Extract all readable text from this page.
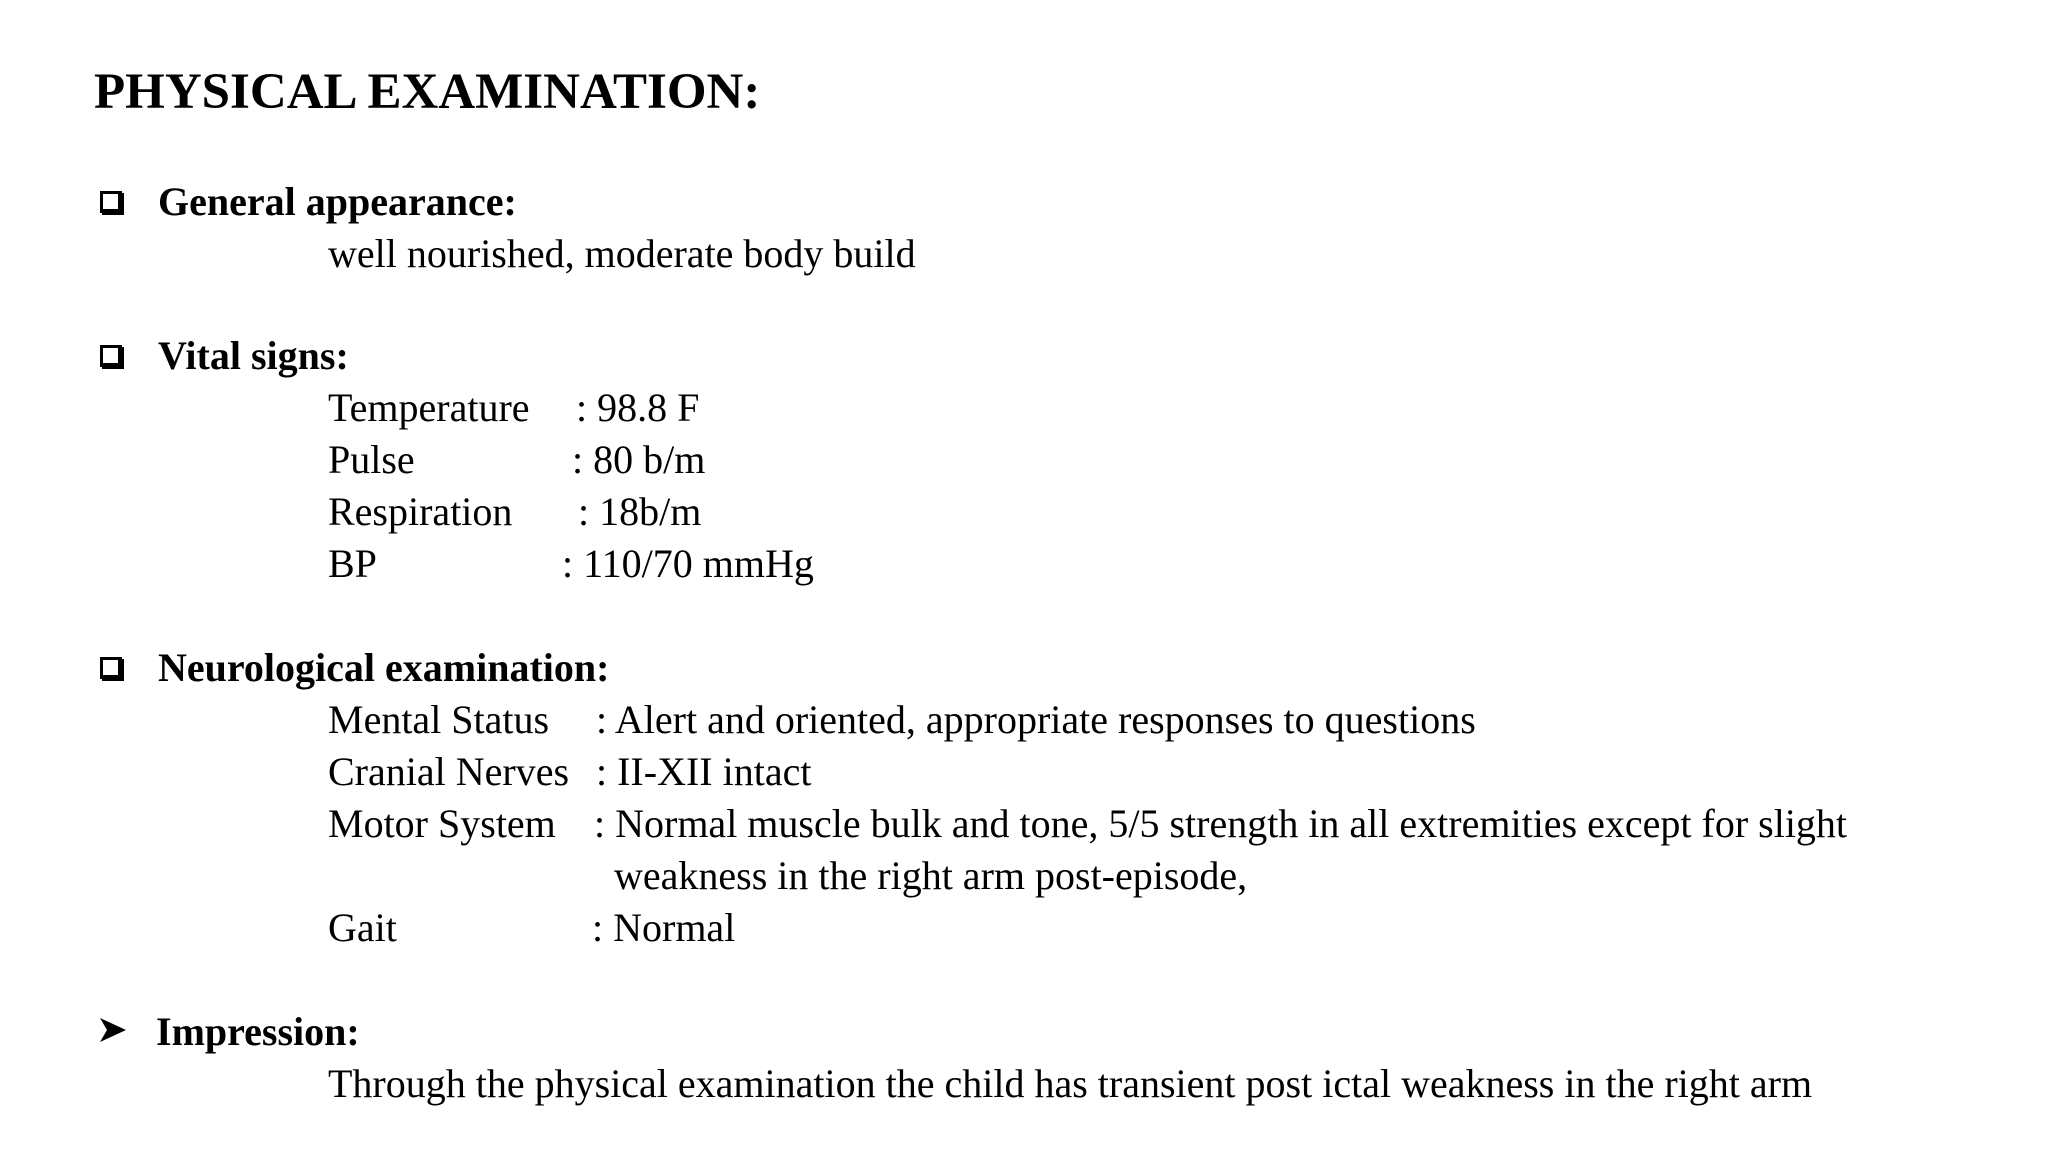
PHYSICAL EXAMINATION:
General appearance:
well nourished, moderate body build
Vital signs:
Temperature : 98.8 F
Pulse	: 80 b/m
Respiration : 18b/m
BP	: 110/70 mmHg
Neurological examination:
Mental Status : Alert and oriented, appropriate responses to questions
Cranial Nerves : II-XII intact
Motor System : Normal muscle bulk and tone, 5/5 strength in all extremities except for slight
weakness in the right arm post-episode,
Gait	: Normal
Impression:
Through the physical examination the child has transient post ictal weakness in the right arm
